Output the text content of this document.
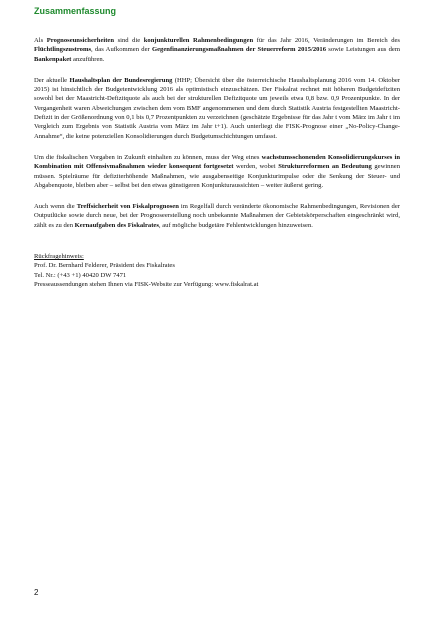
Zusammenfassung

Als Prognoseunsicherheiten sind die konjunkturellen Rahmenbedingungen für das Jahr 2016, Veränderungen im Bereich des Flüchtlingszustroms, das Aufkommen der Gegenfinanzierungsmaßnahmen der Steuerreform 2015/2016 sowie Leistungen aus dem Bankenpaket anzuführen.

Der aktuelle Haushaltsplan der Bundesregierung (HHP; Übersicht über die österreichische Haushaltsplanung 2016 vom 14. Oktober 2015) ist hinsichtlich der Budgetentwicklung 2016 als optimistisch einzuschätzen. Der Fiskalrat rechnet mit höheren Budgetdefiziten sowohl bei der Maastricht-Defizitquote als auch bei der strukturellen Defizitquote um jeweils etwa 0,8 bzw. 0,9 Prozentpunkte. In der Vergangenheit waren Abweichungen zwischen dem vom BMF angenommenen und dem durch Statistik Austria festgestellten Maastricht-Defizit in der Größenordnung von 0,1 bis 0,7 Prozentpunkten zu verzeichnen (geschätzte Ergebnisse für das Jahr t vom März im Jahr t im Vergleich zum Ergebnis von Statistik Austria vom März im Jahr t+1). Auch unterliegt die FISK-Prognose einer „No-Policy-Change-Annahme“, die keine potenziellen Konsolidierungen durch Budgetumschichtungen umfasst.

Um die fiskalischen Vorgaben in Zukunft einhalten zu können, muss der Weg eines wachstumsschonenden Konsolidierungskurses in Kombination mit Offensivmaßnahmen wieder konsequent fortgesetzt werden, wobei Strukturreformen an Bedeutung gewinnen müssen. Spielräume für defiziterhöhende Maßnahmen, wie ausgabenseitige Konjunkturimpulse oder die Senkung der Steuer- und Abgabenquote, bleiben aber – selbst bei den etwas günstigeren Konjunkturaussichten – weiter äußerst gering.

Auch wenn die Treffsicherheit von Fiskalprognosen im Regelfall durch veränderte ökonomische Rahmenbedingungen, Revisionen der Outputlücke sowie durch neue, bei der Prognoseerstellung noch unbekannte Maßnahmen der Gebietskörperschaften eingeschränkt wird, zählt es zu den Kernaufgaben des Fiskalrates, auf mögliche budgetäre Fehlentwicklungen hinzuweisen.

Rückfragehinweis:
Prof. Dr. Bernhard Felderer, Präsident des Fiskalrates
Tel. Nr.: (+43 +1) 40420 DW 7471
Presseaussendungen stehen Ihnen via FISK-Website zur Verfügung: www.fiskalrat.at
2
